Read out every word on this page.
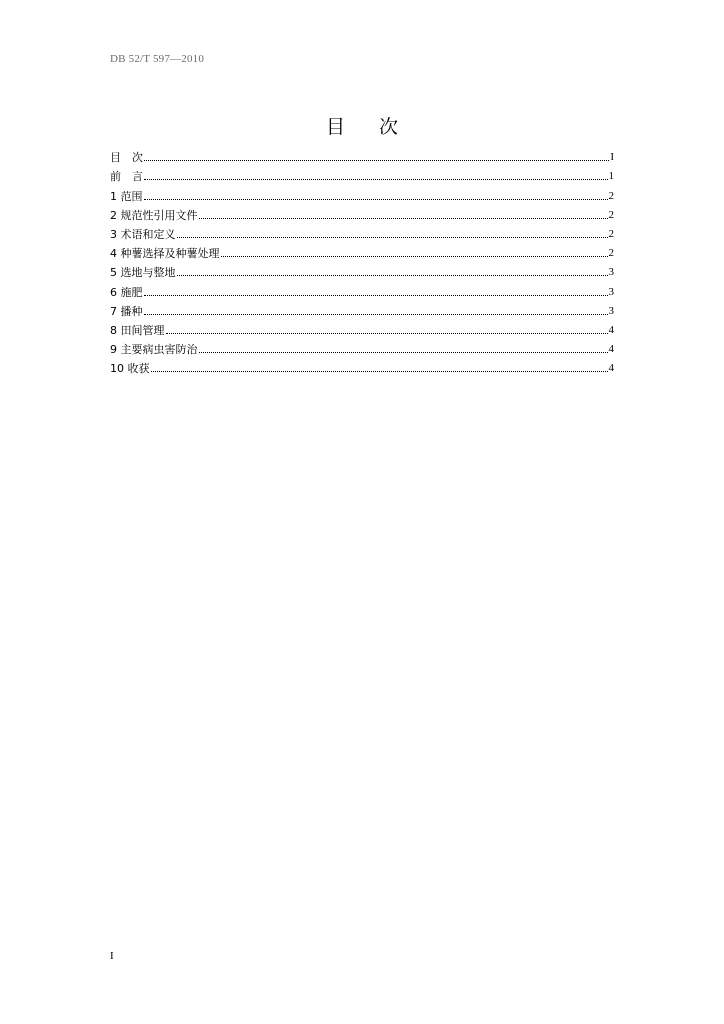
DB 52/T 597—2010
目 次
目　次	I
前　言	1
1 范围	2
2 规范性引用文件	2
3 术语和定义	2
4 种薯选择及种薯处理	2
5 选地与整地	3
6 施肥	3
7 播种	3
8 田间管理	4
9 主要病虫害防治	4
10 收获	4
I
